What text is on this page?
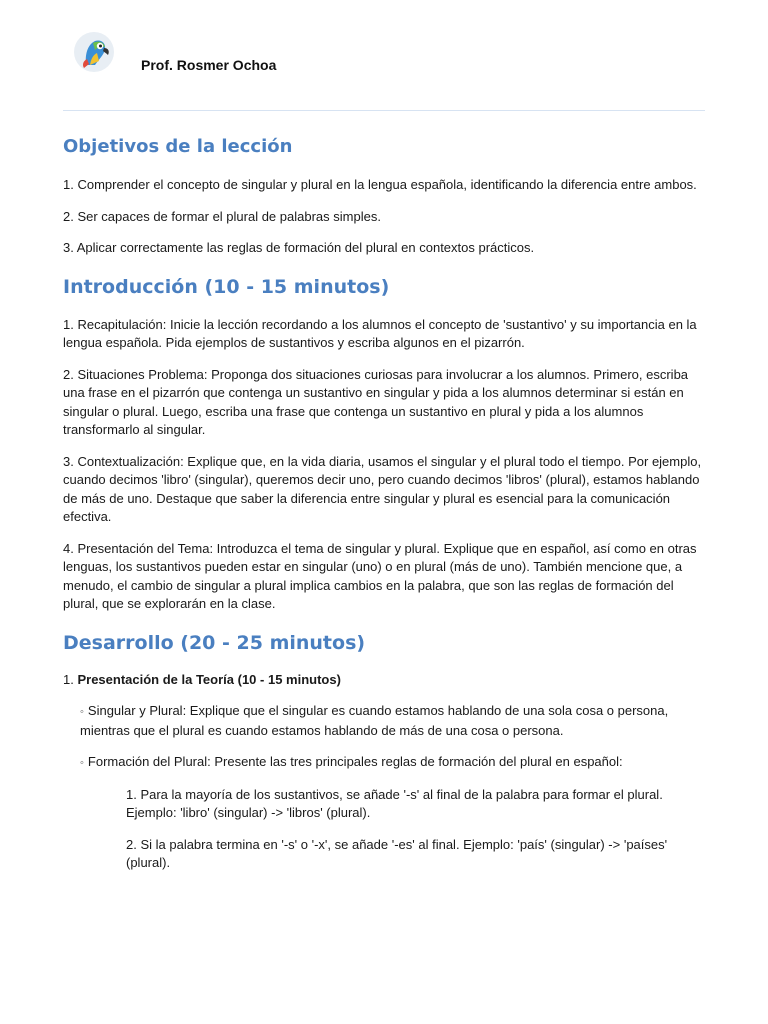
Prof. Rosmer Ochoa
Objetivos de la lección

1. Comprender el concepto de singular y plural en la lengua española, identificando la diferencia entre ambos.

2. Ser capaces de formar el plural de palabras simples.

3. Aplicar correctamente las reglas de formación del plural en contextos prácticos.

Introducción (10 - 15 minutos)

1. Recapitulación: Inicie la lección recordando a los alumnos el concepto de 'sustantivo' y su importancia en la lengua española. Pida ejemplos de sustantivos y escriba algunos en el pizarrón.

2. Situaciones Problema: Proponga dos situaciones curiosas para involucrar a los alumnos. Primero, escriba una frase en el pizarrón que contenga un sustantivo en singular y pida a los alumnos determinar si están en singular o plural. Luego, escriba una frase que contenga un sustantivo en plural y pida a los alumnos transformarlo al singular.

3. Contextualización: Explique que, en la vida diaria, usamos el singular y el plural todo el tiempo. Por ejemplo, cuando decimos 'libro' (singular), queremos decir uno, pero cuando decimos 'libros' (plural), estamos hablando de más de uno. Destaque que saber la diferencia entre singular y plural es esencial para la comunicación efectiva.

4. Presentación del Tema: Introduzca el tema de singular y plural. Explique que en español, así como en otras lenguas, los sustantivos pueden estar en singular (uno) o en plural (más de uno). También mencione que, a menudo, el cambio de singular a plural implica cambios en la palabra, que son las reglas de formación del plural, que se explorarán en la clase.

Desarrollo (20 - 25 minutos)

1. Presentación de la Teoría (10 - 15 minutos)

◦ Singular y Plural: Explique que el singular es cuando estamos hablando de una sola cosa o persona, mientras que el plural es cuando estamos hablando de más de una cosa o persona.

◦ Formación del Plural: Presente las tres principales reglas de formación del plural en español:

1. Para la mayoría de los sustantivos, se añade '-s' al final de la palabra para formar el plural. Ejemplo: 'libro' (singular) -> 'libros' (plural).

2. Si la palabra termina en '-s' o '-x', se añade '-es' al final. Ejemplo: 'país' (singular) -> 'países' (plural).
